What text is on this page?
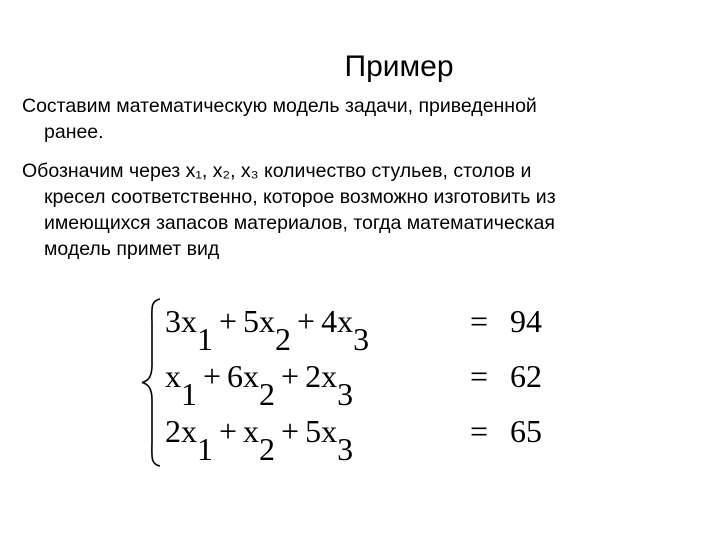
Пример
Составим математическую модель задачи, приведенной
ранее.
Обозначим через x₁, x₂, x₃ количество стульев, столов и
кресел соответственно, которое возможно изготовить из
имеющихся запасов материалов, тогда математическая
модель примет вид
3x1 + 5x2 + 4x3	= 94
x1 + 6x2 + 2x3	= 62
2x1 + x2 + 5x3	= 65
